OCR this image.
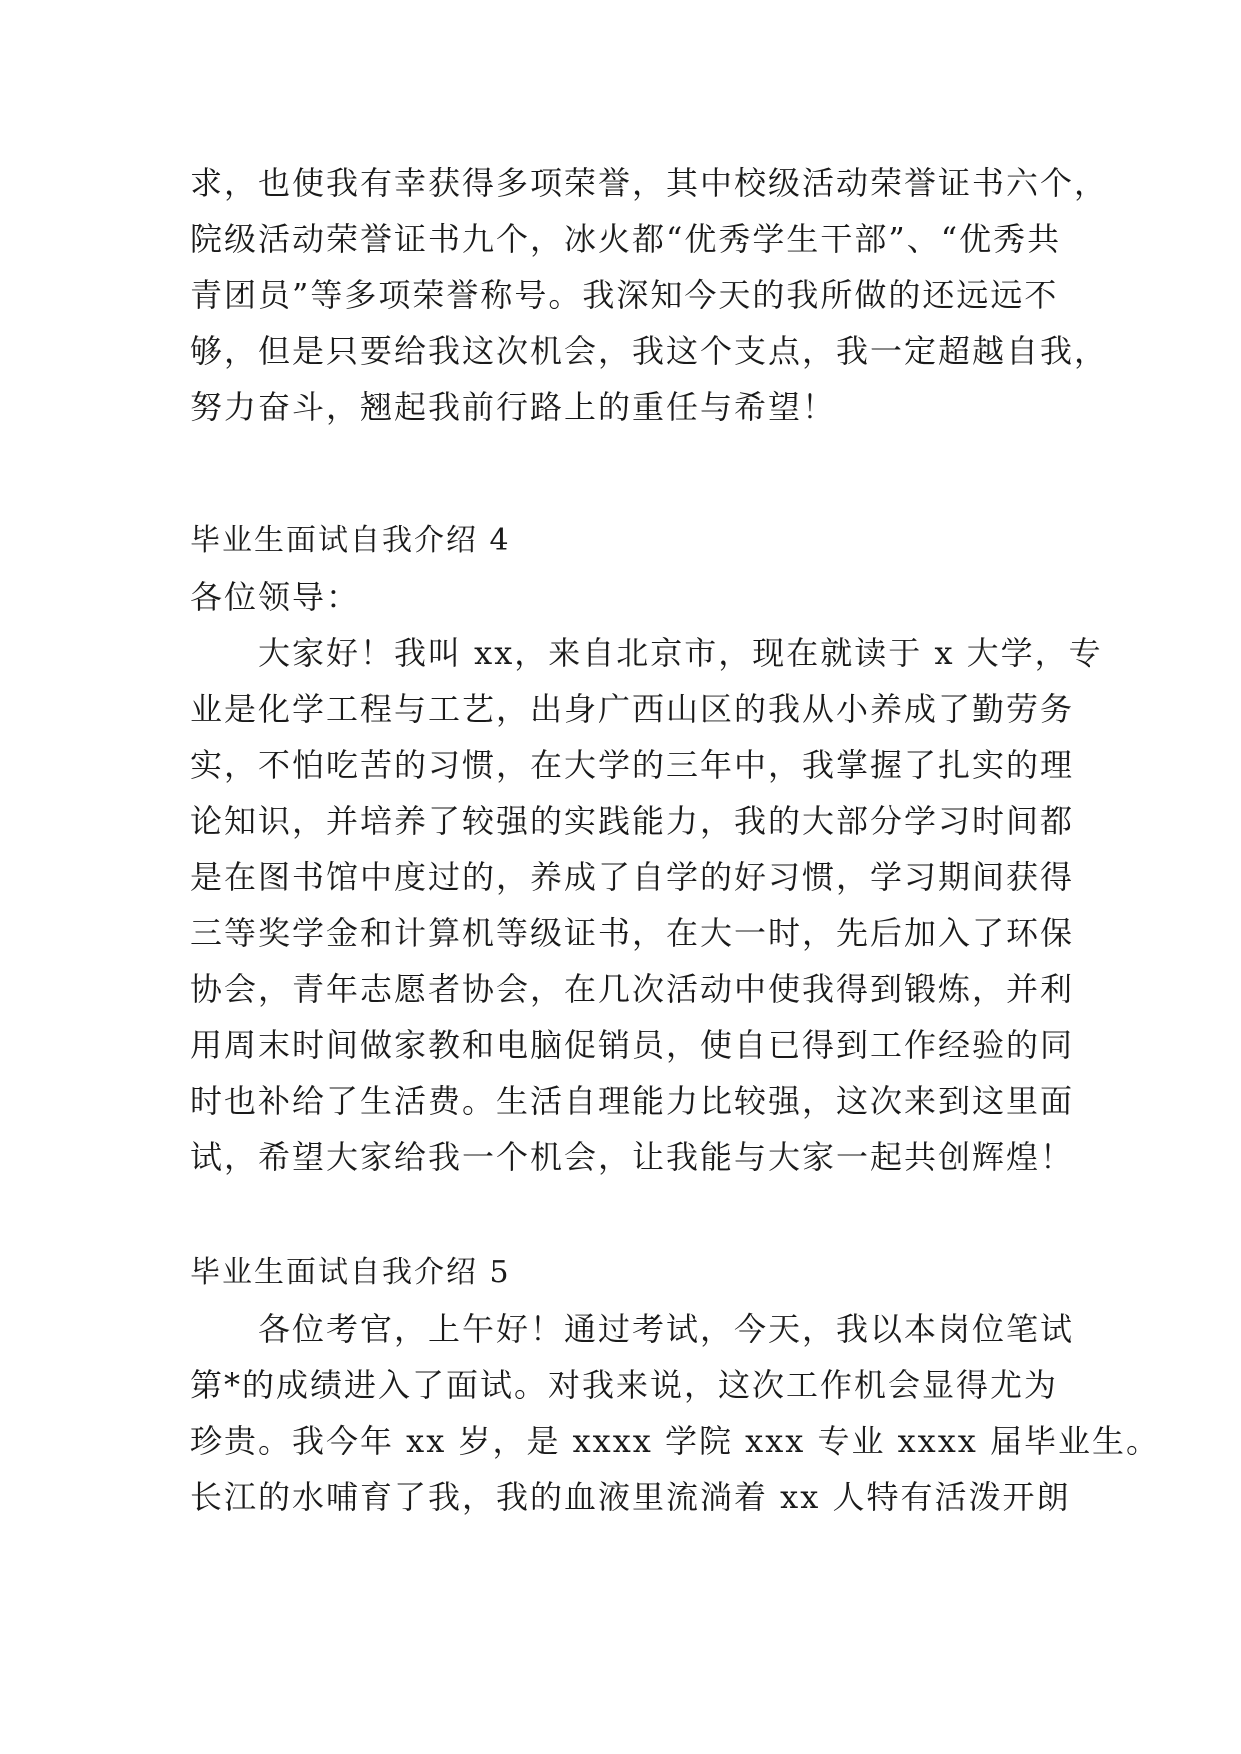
求，也使我有幸获得多项荣誉，其中校级活动荣誉证书六个，
院级活动荣誉证书九个，冰火都“优秀学生干部”、“优秀共
青团员”等多项荣誉称号。我深知今天的我所做的还远远不
够，但是只要给我这次机会，我这个支点，我一定超越自我，
努力奋斗，翘起我前行路上的重任与希望！
毕业生面试自我介绍 4
各位领导：
　　大家好！我叫 xx，来自北京市，现在就读于 x 大学，专
业是化学工程与工艺，出身广西山区的我从小养成了勤劳务
实，不怕吃苦的习惯，在大学的三年中，我掌握了扎实的理
论知识，并培养了较强的实践能力，我的大部分学习时间都
是在图书馆中度过的，养成了自学的好习惯，学习期间获得
三等奖学金和计算机等级证书，在大一时，先后加入了环保
协会，青年志愿者协会，在几次活动中使我得到锻炼，并利
用周末时间做家教和电脑促销员，使自已得到工作经验的同
时也补给了生活费。生活自理能力比较强，这次来到这里面
试，希望大家给我一个机会，让我能与大家一起共创辉煌！
毕业生面试自我介绍 5
　　各位考官，上午好！通过考试，今天，我以本岗位笔试
第*的成绩进入了面试。对我来说，这次工作机会显得尤为
珍贵。我今年 xx 岁，是 xxxx 学院 xxx 专业 xxxx 届毕业生。
长江的水哺育了我，我的血液里流淌着 xx 人特有活泼开朗
